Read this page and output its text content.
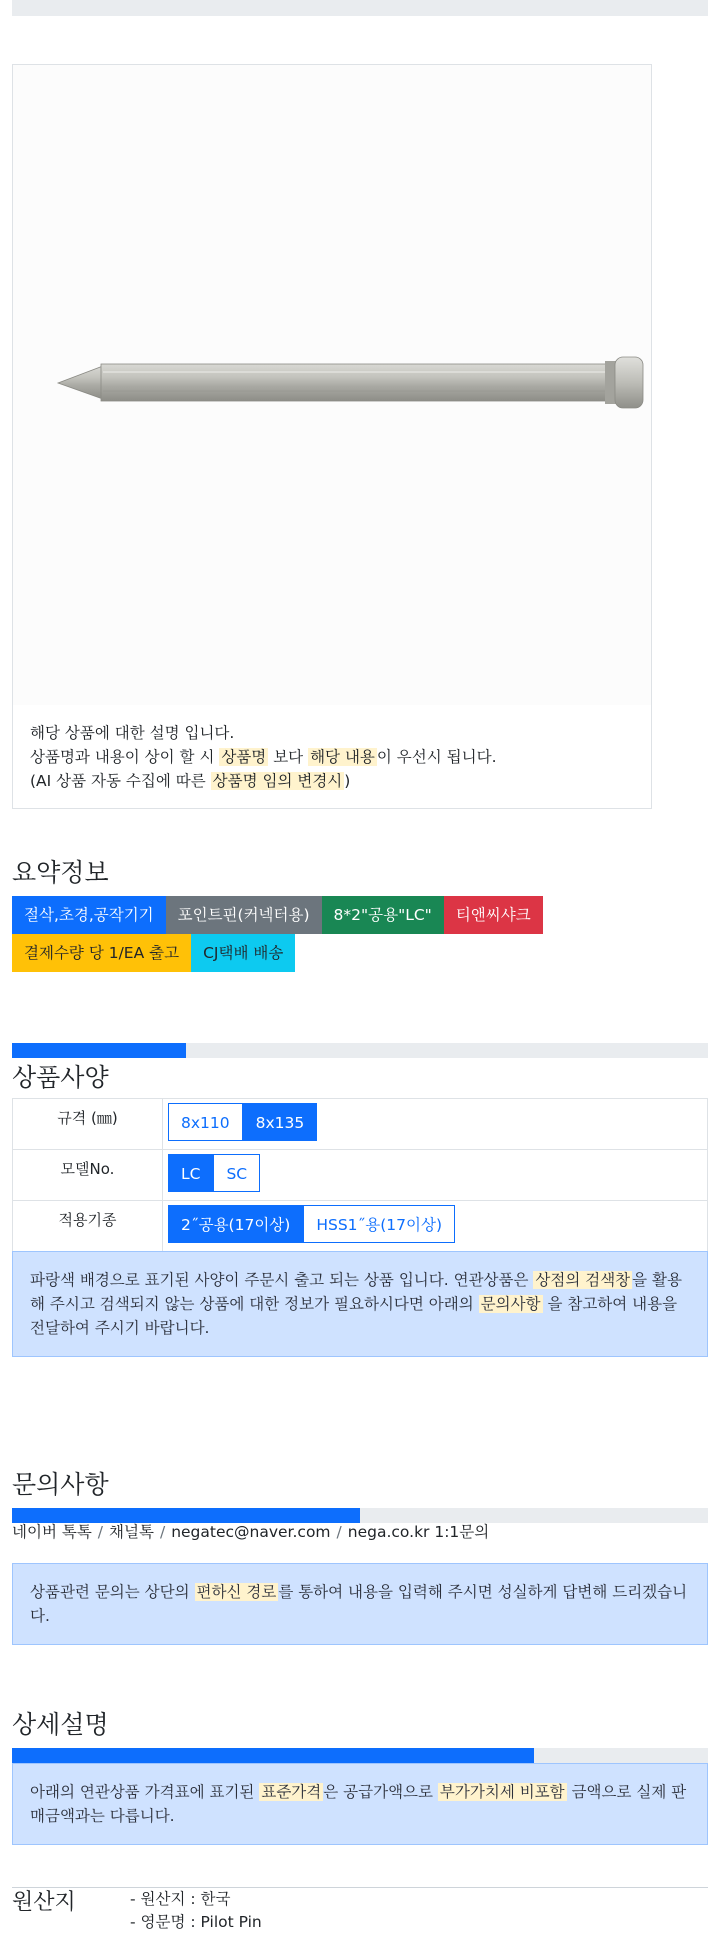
해당 상품에 대한 설명 입니다.
상품명과 내용이 상이 할 시 상품명 보다 해당 내용 이 우선시 됩니다.
(AI 상품 자동 수집에 따른 상품명 임의 변경시 )
요약정보
절삭,초경,공작기기	포인트핀(커넥터용)	8*2"공용"LC"	티앤씨샤크
결제수량 당 1/EA 출고	CJ택배 배송
상품사양
규격 (㎜)	8x110 8x135

모델No.	LC SC

적용기종	2˝공용(17이상) HSS1˝용(17이상)
파랑색 배경으로 표기된 사양이 주문시 출고 되는 상품 입니다. 연관상품은 상점의 검색창 을 활용해 주시고 검색되지 않는 상품에 대한 정보가 필요하시다면 아래의 문의사항 을 참고하여 내용을 전달하여 주시기 바랍니다.
문의사항
네이버 톡톡 / 채널톡 / negatec@naver.com / nega.co.kr 1:1문의
상품관련 문의는 상단의 편하신 경로 를 통하여 내용을 입력해 주시면 성실하게 답변해 드리겠습니다.
상세설명
아래의 연관상품 가격표에 표기된 표준가격 은 공급가액으로 부가가치세 비포함 금액으로 실제 판매금액과는 다릅니다.
원산지	- 원산지 : 한국
- 영문명 : Pilot Pin
